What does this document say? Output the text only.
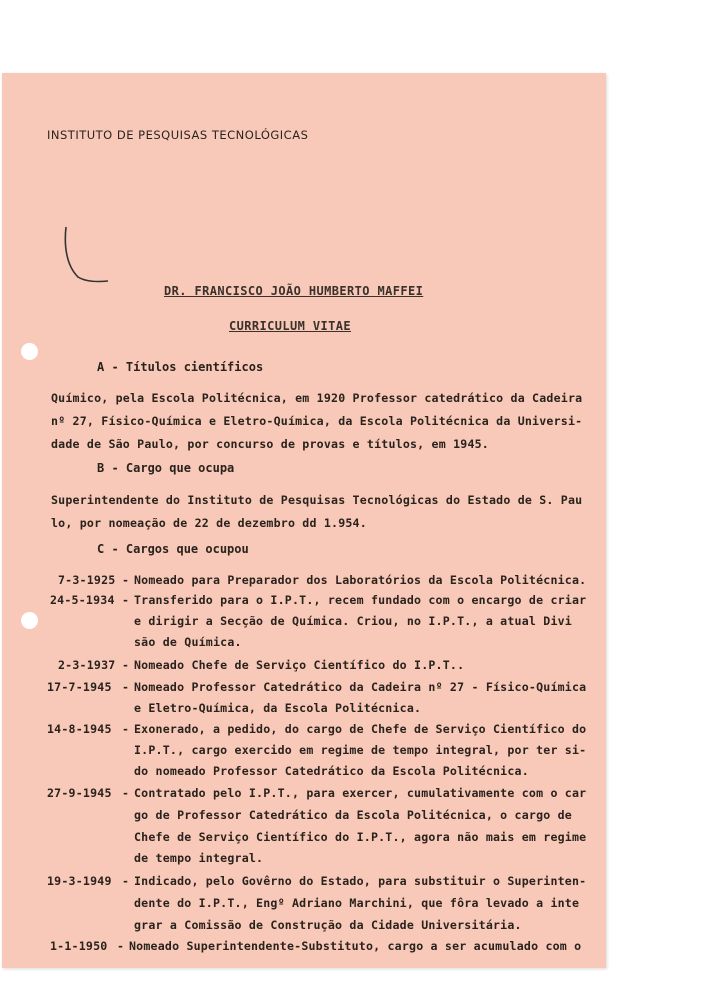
INSTITUTO DE PESQUISAS TECNOLÓGICAS
DR. FRANCISCO JOÃO HUMBERTO MAFFEI
CURRICULUM VITAE
A - Títulos científicos
Químico, pela Escola Politécnica, em 1920 Professor catedrático da Cadeira
nº 27, Físico-Química e Eletro-Química, da Escola Politécnica da Universi-
dade de São Paulo, por concurso de provas e títulos, em 1945.
B - Cargo que ocupa
Superintendente do Instituto de Pesquisas Tecnológicas do Estado de S. Pau
lo, por nomeação de 22 de dezembro dd 1.954.
C - Cargos que ocupou
7-3-1925 - Nomeado para Preparador dos Laboratórios da Escola Politécnica.
24-5-1934 - Transferido para o I.P.T., recem fundado com o encargo de criar
e dirigir a Secção de Química. Criou, no I.P.T., a atual Divi
são de Química.
2-3-1937 - Nomeado Chefe de Serviço Científico do I.P.T..
17-7-1945 - Nomeado Professor Catedrático da Cadeira nº 27 - Físico-Química
e Eletro-Química, da Escola Politécnica.
14-8-1945 - Exonerado, a pedido, do cargo de Chefe de Serviço Científico do
I.P.T., cargo exercido em regime de tempo integral, por ter si-
do nomeado Professor Catedrático da Escola Politécnica.
27-9-1945 - Contratado pelo I.P.T., para exercer, cumulativamente com o car
go de Professor Catedrático da Escola Politécnica, o cargo de
Chefe de Serviço Científico do I.P.T., agora não mais em regime
de tempo integral.
19-3-1949 - Indicado, pelo Govêrno do Estado, para substituir o Superinten-
dente do I.P.T., Engº Adriano Marchini, que fôra levado a inte
grar a Comissão de Construção da Cidade Universitária.
1-1-1950 - Nomeado Superintendente-Substituto, cargo a ser acumulado com o
